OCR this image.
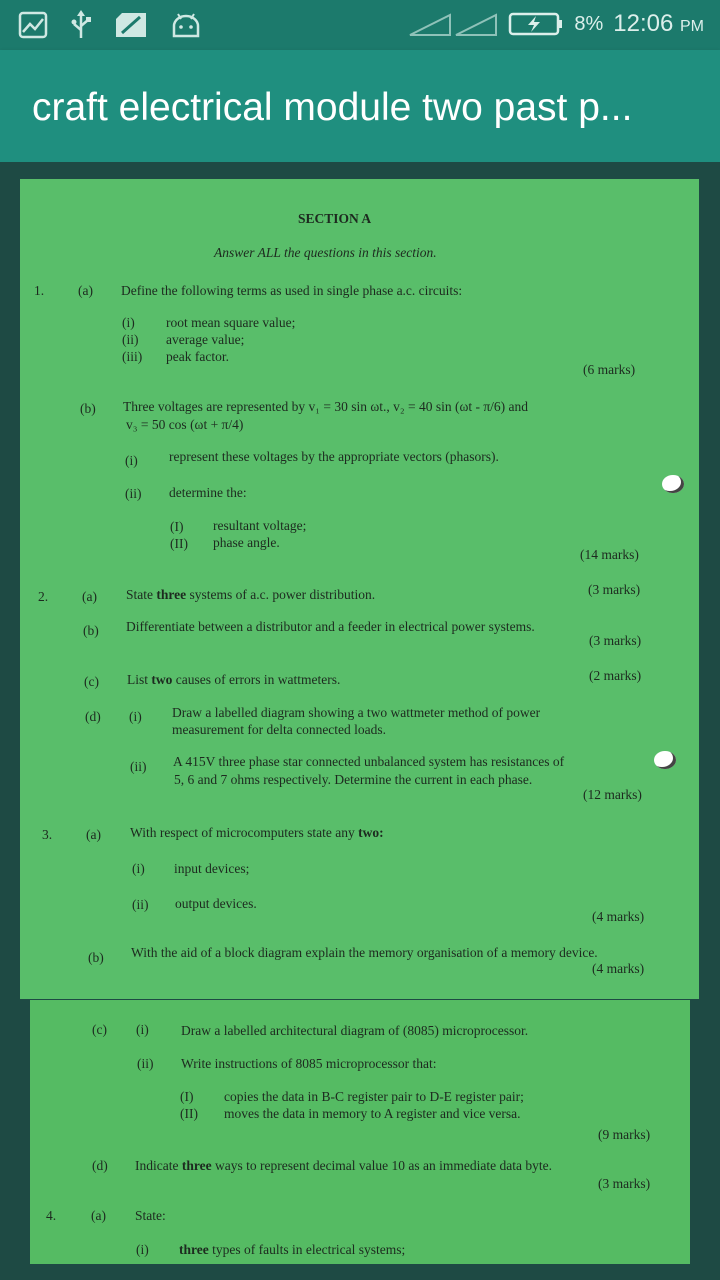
8% 12:06 PM
craft electrical module two past p...
SECTION A
Answer ALL the questions in this section.
1.	(a) Define the following terms as used in single phase a.c. circuits:
(i) root mean square value;
(ii) average value;
(iii) peak factor.
(6 marks)
(b) Three voltages are represented by v₁ = 30 sin ωt., v₂ = 40 sin (ωt - π/6) and
v₃ = 50 cos (ωt + π/4)
(i) represent these voltages by the appropriate vectors (phasors).
(ii) determine the:
(I) resultant voltage;
(II) phase angle.
(14 marks)
2.	(a) State three systems of a.c. power distribution.	(3 marks)
(b) Differentiate between a distributor and a feeder in electrical power systems.
(3 marks)
(c) List two causes of errors in wattmeters.	(2 marks)
(d) (i) Draw a labelled diagram showing a two wattmeter method of power
measurement for delta connected loads.
(ii) A 415V three phase star connected unbalanced system has resistances of
5, 6 and 7 ohms respectively. Determine the current in each phase.
(12 marks)
3.	(a) With respect of microcomputers state any two:
(i) input devices;
(ii) output devices.
(4 marks)
(b) With the aid of a block diagram explain the memory organisation of a memory device.
(4 marks)
(c) (i) Draw a labelled architectural diagram of (8085) microprocessor.
(ii) Write instructions of 8085 microprocessor that:
(I) copies the data in B-C register pair to D-E register pair;
(II) moves the data in memory to A register and vice versa.
(9 marks)
(d) Indicate three ways to represent decimal value 10 as an immediate data byte.
(3 marks)
4.	(a) State:
(i) three types of faults in electrical systems;
